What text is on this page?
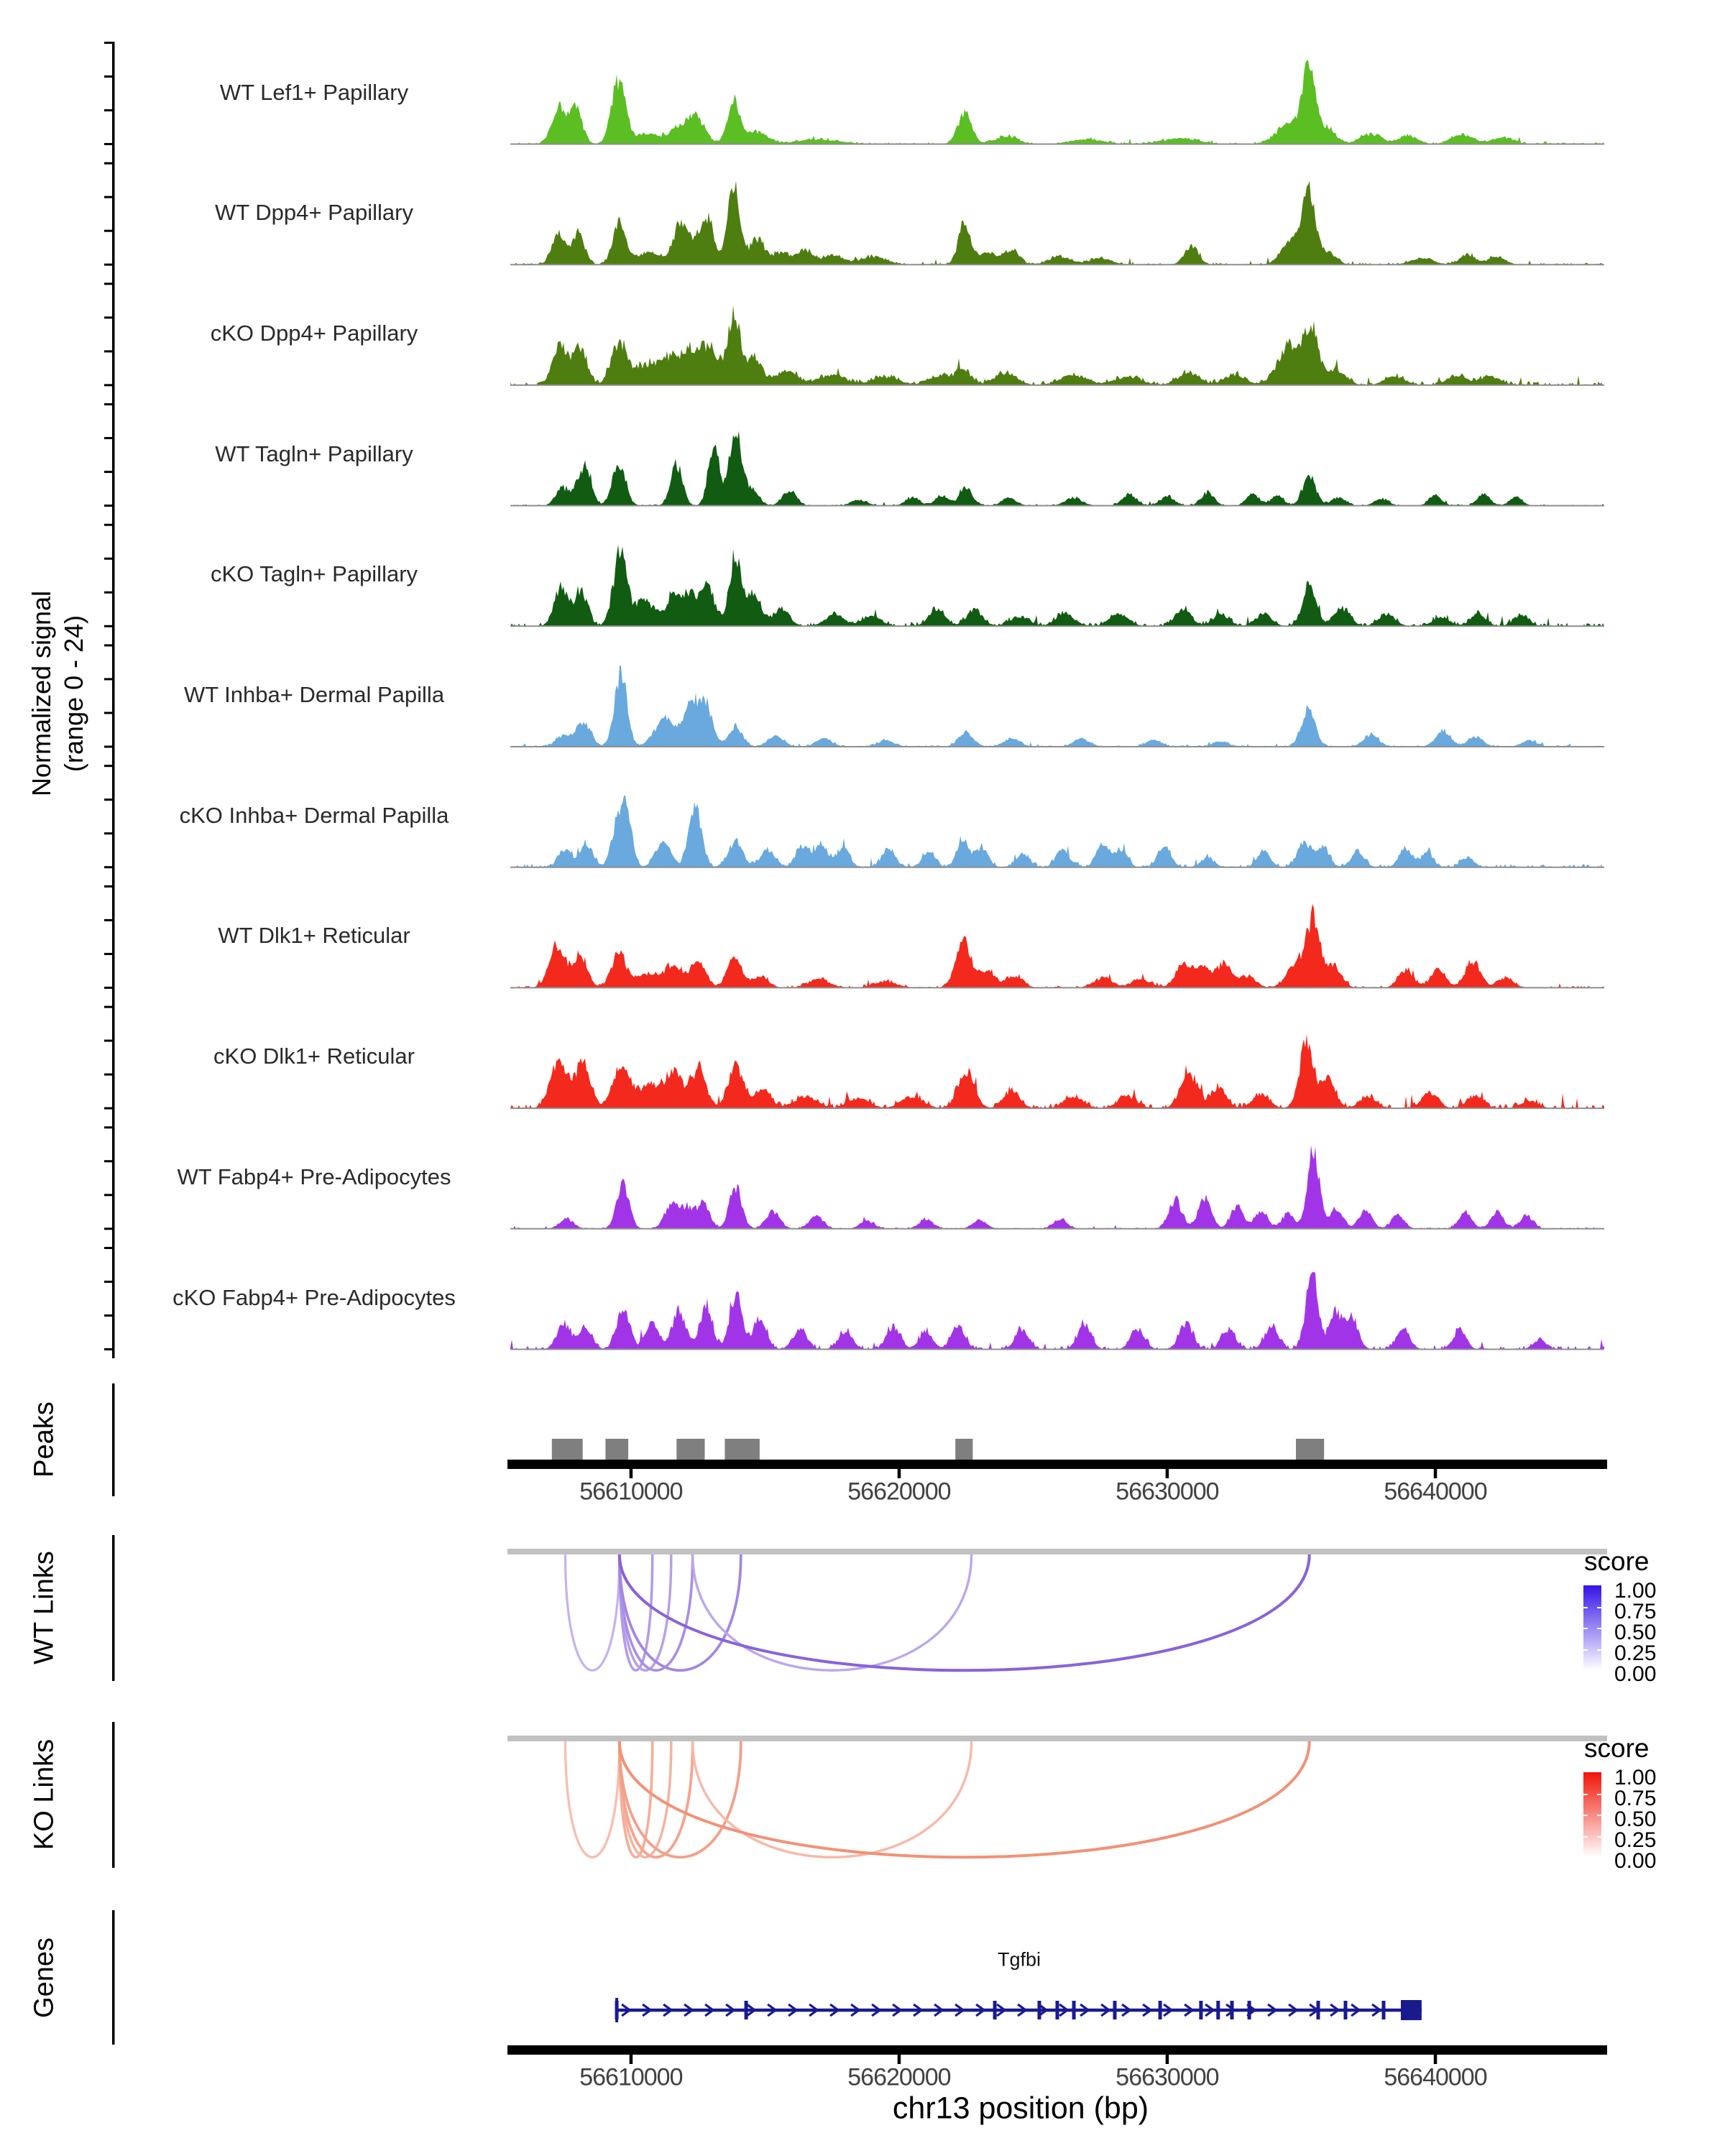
Normalized signal (range 0 - 24)
Peaks
WT Links
KO Links
Genes
score
score
Tgfbi
chr13 position (bp)
WT Lef1+ Papillary
WT Dpp4+ Papillary
cKO Dpp4+ Papillary
WT Tagln+ Papillary
cKO Tagln+ Papillary
WT Inhba+ Dermal Papilla
cKO Inhba+ Dermal Papilla
WT Dlk1+ Reticular
cKO Dlk1+ Reticular
WT Fabp4+ Pre-Adipocytes
cKO Fabp4+ Pre-Adipocytes
56610000	56620000	56630000	56640000
1.00
0.75
0.50
0.25
0.00
1.00
0.75
0.50
0.25
0.00
56610000	56620000	56630000	56640000
